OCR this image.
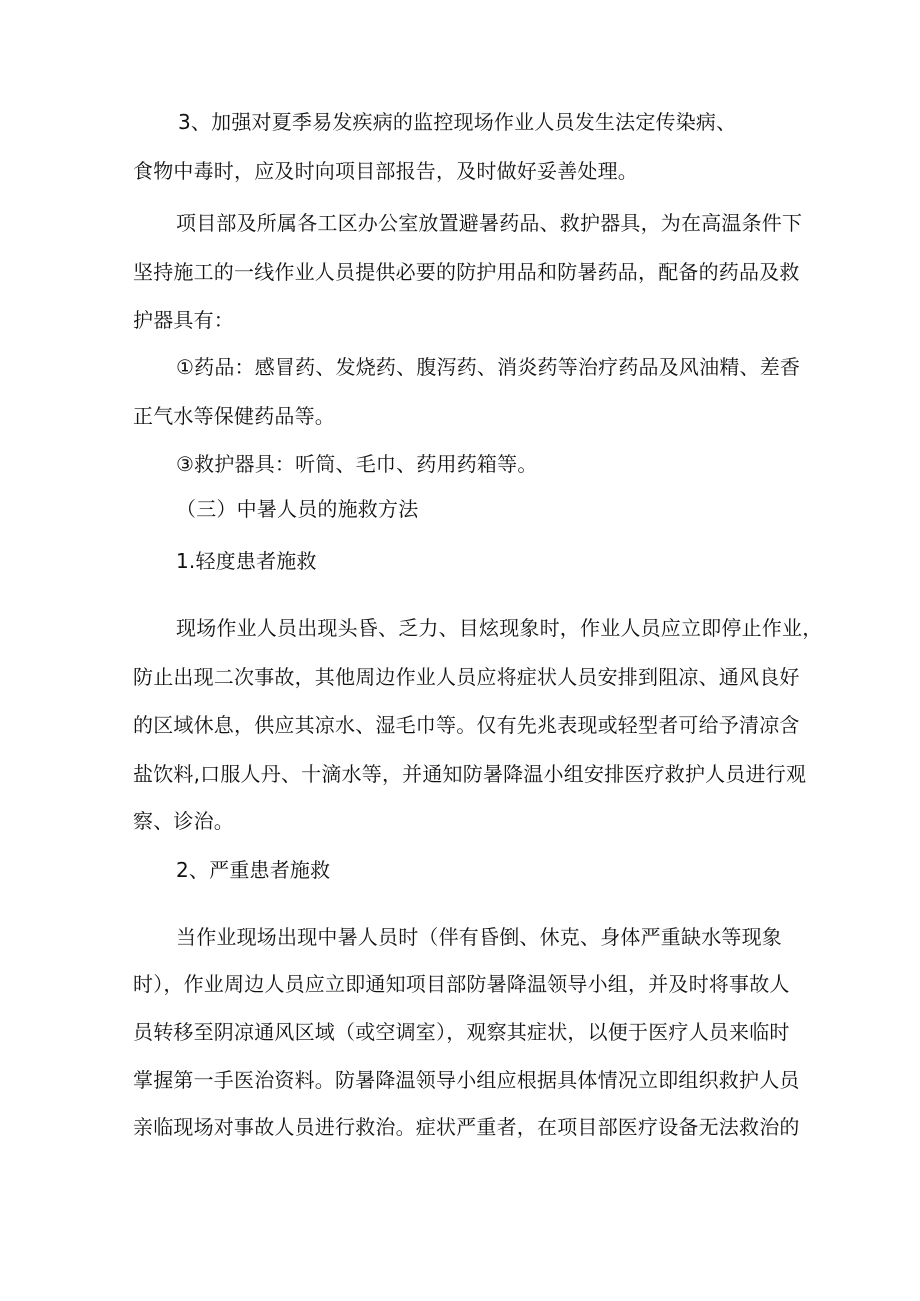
3、加强对夏季易发疾病的监控现场作业人员发生法定传染病、
食物中毒时，应及时向项目部报告，及时做好妥善处理。
项目部及所属各工区办公室放置避暑药品、救护器具，为在高温条件下
坚持施工的一线作业人员提供必要的防护用品和防暑药品，配备的药品及救
护器具有：
①药品：感冒药、发烧药、腹泻药、消炎药等治疗药品及风油精、差香
正气水等保健药品等。
③救护器具：听筒、毛巾、药用药箱等。
（三）中暑人员的施救方法
1.轻度患者施救
现场作业人员出现头昏、乏力、目炫现象时，作业人员应立即停止作业，
防止出现二次事故，其他周边作业人员应将症状人员安排到阻凉、通风良好
的区域休息，供应其凉水、湿毛巾等。仅有先兆表现或轻型者可给予清凉含
盐饮料,口服人丹、十滴水等，并通知防暑降温小组安排医疗救护人员进行观
察、诊治。
2、严重患者施救
当作业现场出现中暑人员时（伴有昏倒、休克、身体严重缺水等现象
时），作业周边人员应立即通知项目部防暑降温领导小组，并及时将事故人
员转移至阴凉通风区域（或空调室），观察其症状，以便于医疗人员来临时
掌握第一手医治资料。防暑降温领导小组应根据具体情况立即组织救护人员
亲临现场对事故人员进行救治。症状严重者，在项目部医疗设备无法救治的
